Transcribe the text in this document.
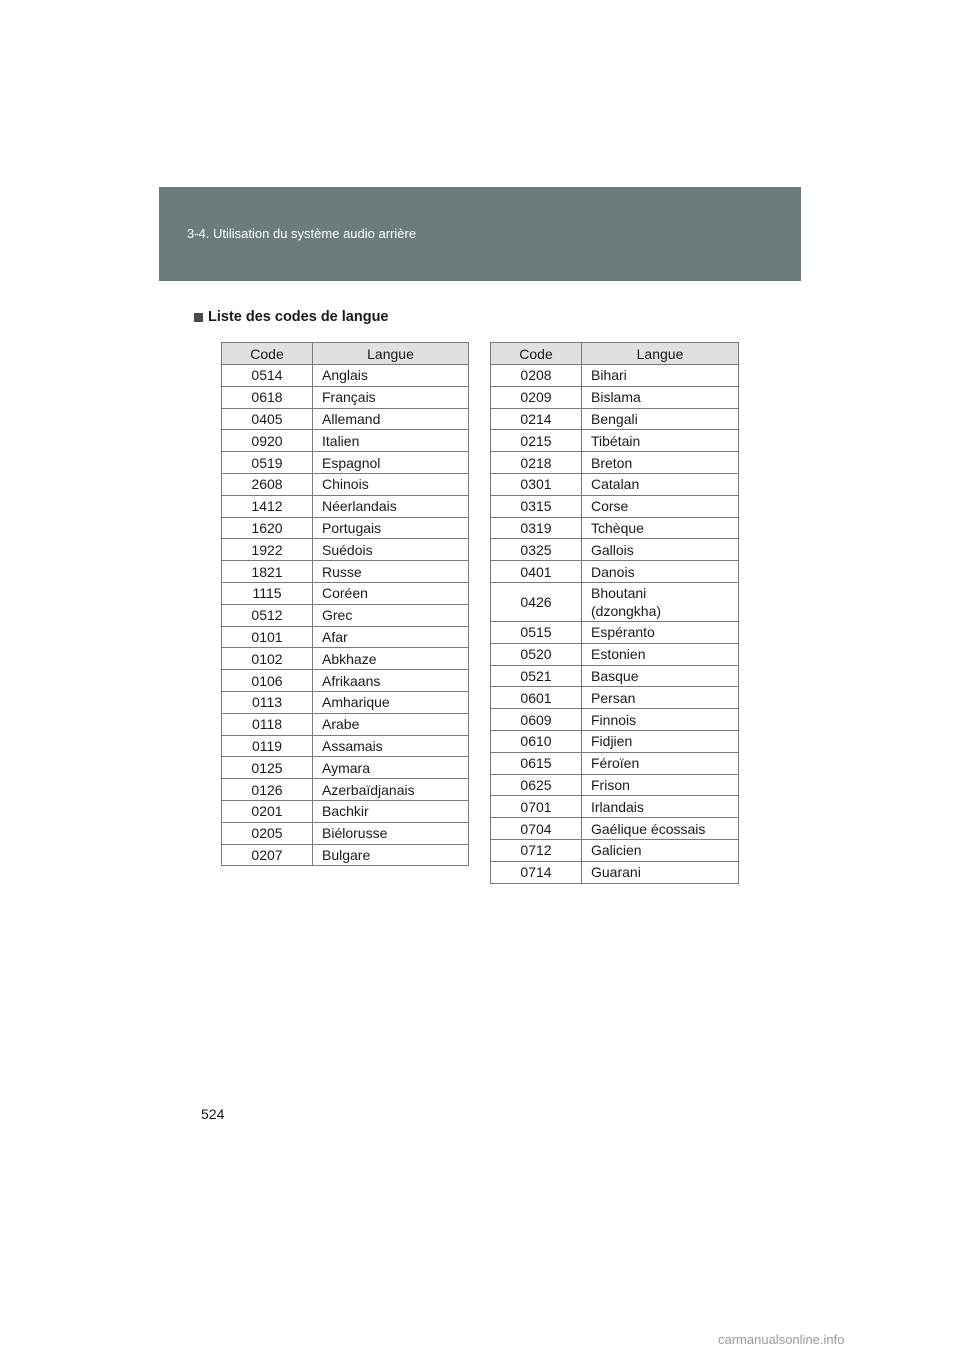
3-4. Utilisation du système audio arrière
Liste des codes de langue
Code	Langue
0514	Anglais
0618	Français
0405	Allemand
0920	Italien
0519	Espagnol
2608	Chinois
1412	Néerlandais
1620	Portugais
1922	Suédois
1821	Russe
1115	Coréen
0512	Grec
0101	Afar
0102	Abkhaze
0106	Afrikaans
0113	Amharique
0118	Arabe
0119	Assamais
0125	Aymara
0126	Azerbaïdjanais
0201	Bachkir
0205	Biélorusse
0207	Bulgare
Code	Langue
0208	Bihari
0209	Bislama
0214	Bengali
0215	Tibétain
0218	Breton
0301	Catalan
0315	Corse
0319	Tchèque
0325	Gallois
0401	Danois
0426	Bhoutani
(dzongkha)
0515	Espéranto
0520	Estonien
0521	Basque
0601	Persan
0609	Finnois
0610	Fidjien
0615	Féroïen
0625	Frison
0701	Irlandais
0704	Gaélique écossais
0712	Galicien
0714	Guarani
524
carmanualsonline.info
